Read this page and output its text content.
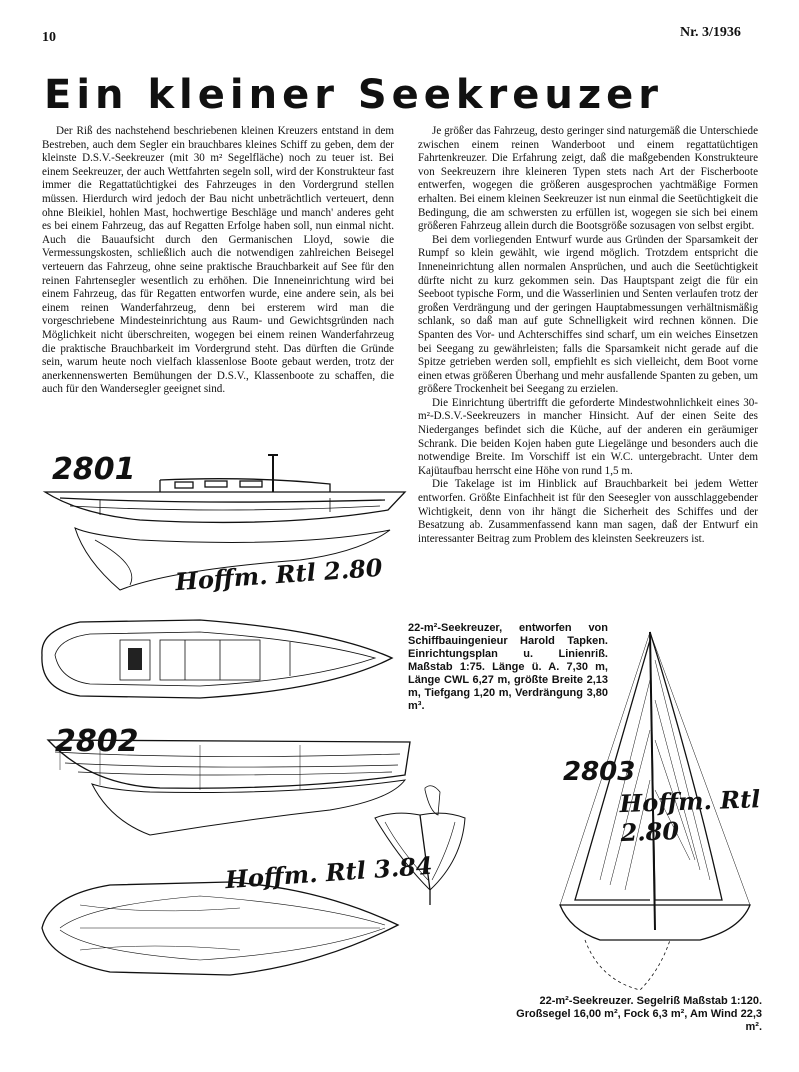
10	Nr. 3/1936
Ein kleiner Seekreuzer

Der Riß des nachstehend beschriebenen kleinen Kreuzers entstand in dem Bestreben, auch dem Segler ein brauchbares kleines Schiff zu geben, dem der kleinste D.S.V.-Seekreuzer (mit 30 m² Segelfläche) noch zu teuer ist. Bei einem Seekreuzer, der auch Wettfahrten segeln soll, wird der Konstrukteur fast immer die Regattatüchtigkei des Fahrzeuges in den Vordergrund stellen müssen. Hierdurch wird jedoch der Bau nicht unbeträchtlich verteuert, denn ohne Bleikiel, hohlen Mast, hochwertige Beschläge und manch' anderes geht es bei einem Fahrzeug, das auf Regatten Erfolge haben soll, nun einmal nicht. Auch die Bauaufsicht durch den Germanischen Lloyd, sowie die Vermessungskosten, schließlich auch die notwendigen zahlreichen Beisegel verteuern das Fahrzeug, ohne seine praktische Brauchbarkeit auf See für den reinen Fahrtensegler wesentlich zu erhöhen. Die Inneneinrichtung wird bei einem Fahrzeug, das für Regatten entworfen wurde, eine andere sein, als bei einem reinen Wanderfahrzeug, denn bei ersterem wird man die vorgeschriebene Mindesteinrichtung aus Raum- und Gewichtsgründen nach Möglichkeit nicht überschreiten, wogegen bei einem reinen Wanderfahrzeug die praktische Brauchbarkeit im Vordergrund steht. Das dürften die Gründe sein, warum heute noch vielfach klassenlose Boote gebaut werden, trotz der anerkennenswerten Bemühungen der D.S.V., Klassenboote zu schaffen, die auch für den Wandersegler geeignet sind.

Je größer das Fahrzeug, desto geringer sind naturgemäß die Unterschiede zwischen einem reinen Wanderboot und einem regattatüchtigen Fahrtenkreuzer. Die Erfahrung zeigt, daß die maßgebenden Konstrukteure von Seekreuzern ihre kleineren Typen stets nach Art der Fischerboote entwerfen, wogegen die größeren ausgesprochen yachtmäßige Formen erhalten. Bei einem kleinen Seekreuzer ist nun einmal die Seetüchtigkeit die Bedingung, die am schwersten zu erfüllen ist, wogegen sie sich bei einem größeren Fahrzeug allein durch die Bootsgröße sozusagen von selbst ergibt.

Bei dem vorliegenden Entwurf wurde aus Gründen der Sparsamkeit der Rumpf so klein gewählt, wie irgend möglich. Trotzdem entspricht die Inneneinrichtung allen normalen Ansprüchen, und auch die Seetüchtigkeit dürfte nicht zu kurz gekommen sein. Das Hauptspant zeigt die für ein Seeboot typische Form, und die Wasserlinien und Senten verlaufen trotz der großen Verdrängung und der geringen Hauptabmessungen verhältnismäßig schlank, so daß man auf gute Schnelligkeit wird rechnen können. Die Spanten des Vor- und Achterschiffes sind scharf, um ein weiches Einsetzen bei Seegang zu gewährleisten; falls die Sparsamkeit nicht gerade auf die Spitze getrieben werden soll, empfiehlt es sich vielleicht, dem Boot vorne einen etwas größeren Überhang und mehr ausfallende Spanten zu geben, um größere Trockenheit bei Seegang zu erzielen.

Die Einrichtung übertrifft die geforderte Mindestwohnlichkeit eines 30-m²-D.S.V.-Seekreuzers in mancher Hinsicht. Auf der einen Seite des Niederganges befindet sich die Küche, auf der anderen ein geräumiger Schrank. Die beiden Kojen haben gute Liegelänge und besonders auch die notwendige Breite. Im Vorschiff ist ein W.C. untergebracht. Unter dem Kajütaufbau herrscht eine Höhe von rund 1,5 m.

Die Takelage ist im Hinblick auf Brauchbarkeit bei jedem Wetter entworfen. Größte Einfachheit ist für den Seesegler von ausschlaggebender Wichtigkeit, denn von ihr hängt die Sicherheit des Schiffes und der Besatzung ab. Zusammenfassend kann man sagen, daß der Entwurf ein interessanter Beitrag zum Problem des kleinsten Seekreuzers ist.

2801
2802
2803
Hoffm. Rtl 2.80
Hoffm. Rtl 3.84
Hoffm. Rtl 2.80
22-m²-Seekreuzer, entworfen von Schiffbauingenieur Harold Tapken. Einrichtungsplan u. Linienriß. Maßstab 1:75. Länge ü. A. 7,30 m, Länge CWL 6,27 m, größte Breite 2,13 m, Tiefgang 1,20 m, Verdrängung 3,80 m³.
22-m²-Seekreuzer. Segelriß Maßstab 1:120. Großsegel 16,00 m², Fock 6,3 m², Am Wind 22,3 m².
